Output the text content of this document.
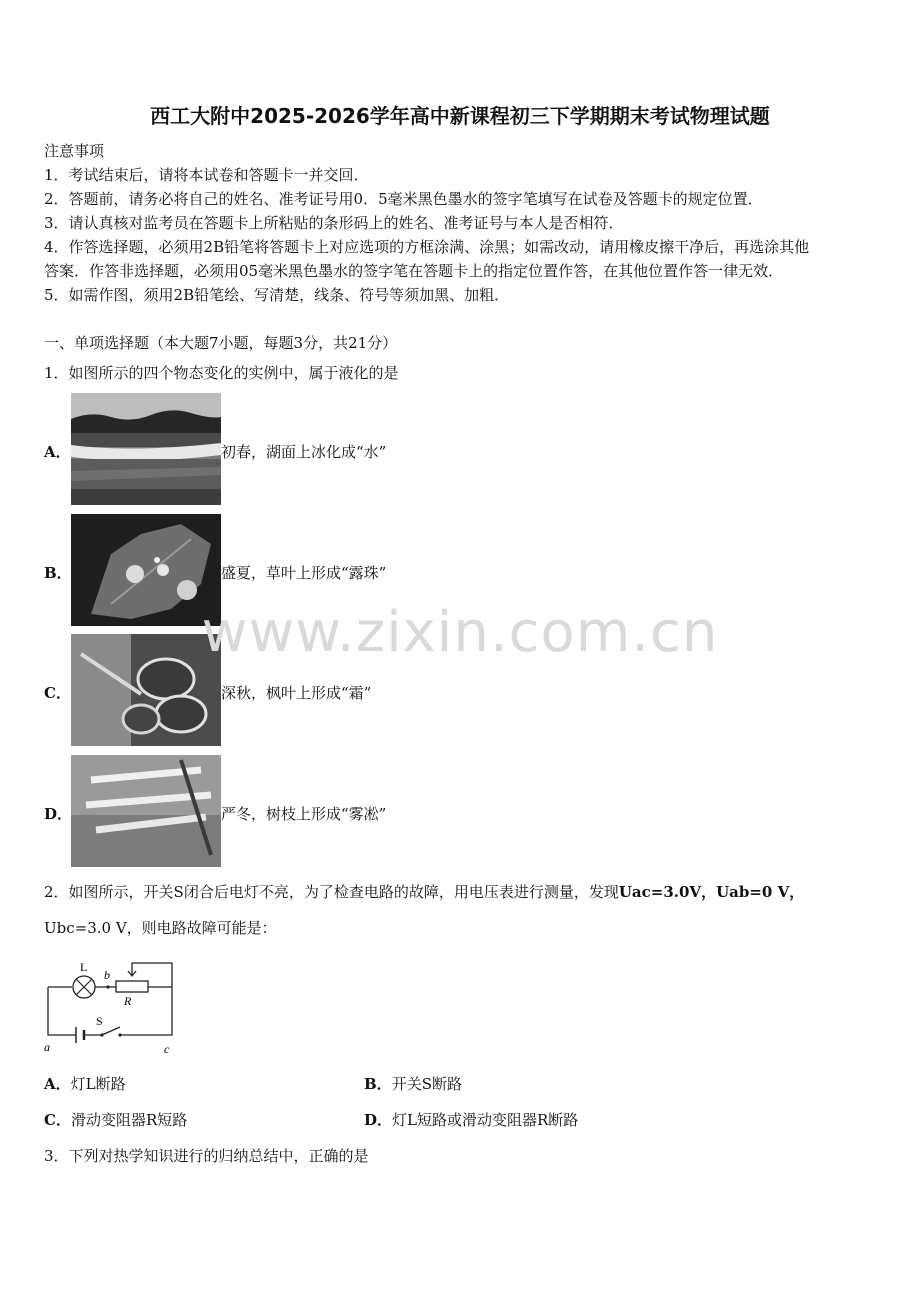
西工大附中2025-2026学年高中新课程初三下学期期末考试物理试题
注意事项
1．考试结束后，请将本试卷和答题卡一并交回．
2．答题前，请务必将自己的姓名、准考证号用0．5毫米黑色墨水的签字笔填写在试卷及答题卡的规定位置．
3．请认真核对监考员在答题卡上所粘贴的条形码上的姓名、准考证号与本人是否相符．
4．作答选择题，必须用2B铅笔将答题卡上对应选项的方框涂满、涂黑；如需改动，请用橡皮擦干净后，再选涂其他
答案．作答非选择题，必须用05毫米黑色墨水的签字笔在答题卡上的指定位置作答，在其他位置作答一律无效．
5．如需作图，须用2B铅笔绘、写清楚，线条、符号等须加黑、加粗．
一、单项选择题（本大题7小题，每题3分，共21分）
1．如图所示的四个物态变化的实例中，属于液化的是
A．	初春，湖面上冰化成“水”
B．	盛夏，草叶上形成“露珠”
C．	深秋，枫叶上形成“霜”
D．	严冬，树枝上形成“雾凇”
www.zixin.com.cn
2．如图所示，开关S闭合后电灯不亮，为了检查电路的故障，用电压表进行测量，发现Uac=3.0V，Uab=0 V，
Ubc=3.0 V，则电路故障可能是：
L
b
R
S
a	c
A．灯L断路	B．开关S断路
C．滑动变阻器R短路	D．灯L短路或滑动变阻器R断路
3．下列对热学知识进行的归纳总结中，正确的是
